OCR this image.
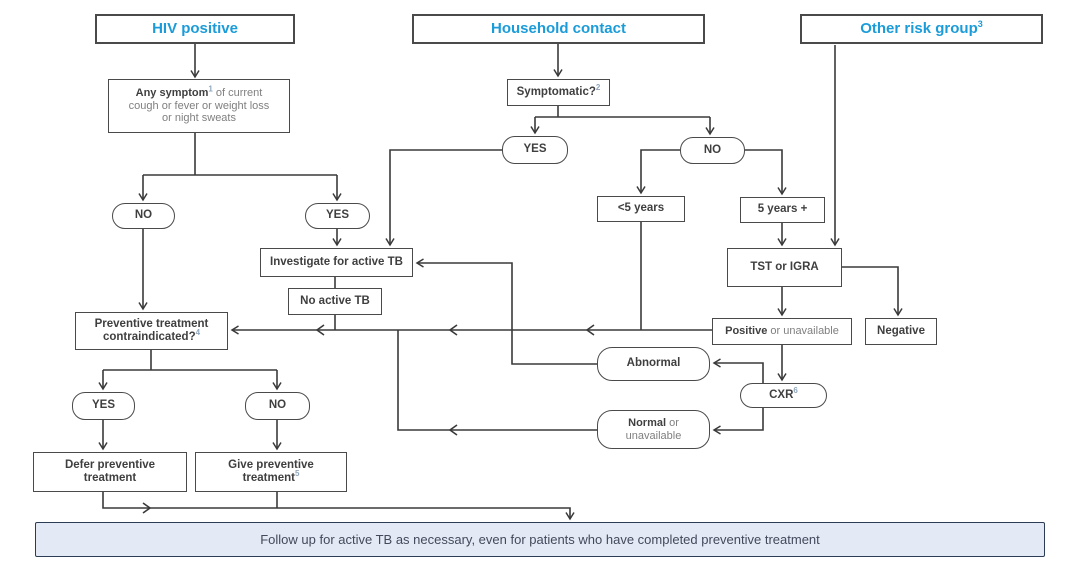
HIV positive	Household contact	Other risk group$^3$
Any symptom$^1$ of current cough or fever or weight loss or night sweats
NO	YES
Symptomatic?$^2$
YES	NO
<5 years	5 years +
TST or IGRA
Negative
Positive or unavailable
CXR$^6$
Abnormal
Normal or unavailable
Investigate for active TB
No active TB
Preventive treatment contraindicated?$^4$
YES	NO
Defer preventive treatment
Give preventive treatment$^5$
Follow up for active TB as necessary, even for patients who have completed preventive treatment
